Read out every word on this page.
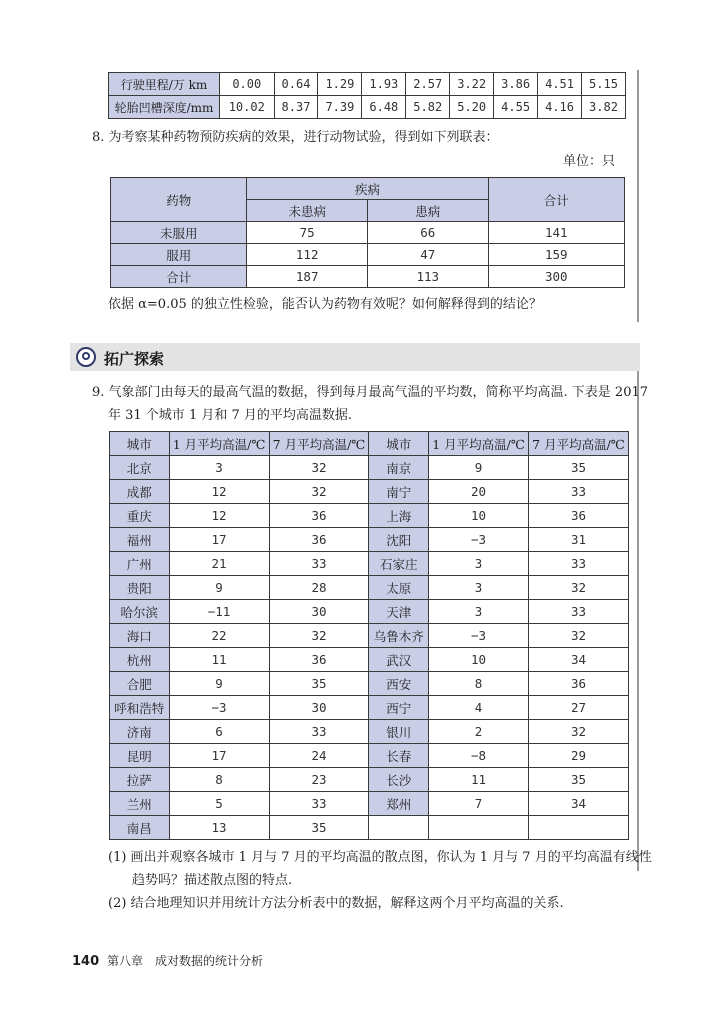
行驶里程/万 km	0.00	0.64	1.29	1.93	2.57	3.22	3.86	4.51	5.15
轮胎凹槽深度/mm	10.02	8.37	7.39	6.48	5.82	5.20	4.55	4.16	3.82
8. 为考察某种药物预防疾病的效果，进行动物试验，得到如下列联表：
单位：只
药物	疾病		合计
	未患病	患病	
未服用	75	66	141
服用	112	47	159
合计	187	113	300
依据 α=0.05 的独立性检验，能否认为药物有效呢？如何解释得到的结论？
拓广探索
9. 气象部门由每天的最高气温的数据，得到每月最高气温的平均数，简称平均高温. 下表是 2017
年 31 个城市 1 月和 7 月的平均高温数据.
城市	1 月平均高温/℃	7 月平均高温/℃	城市	1 月平均高温/℃	7 月平均高温/℃
北京	3	32	南京	9	35
成都	12	32	南宁	20	33
重庆	12	36	上海	10	36
福州	17	36	沈阳	−3	31
广州	21	33	石家庄	3	33
贵阳	9	28	太原	3	32
哈尔滨	−11	30	天津	3	33
海口	22	32	乌鲁木齐	−3	32
杭州	11	36	武汉	10	34
合肥	9	35	西安	8	36
呼和浩特	−3	30	西宁	4	27
济南	6	33	银川	2	32
昆明	17	24	长春	−8	29
拉萨	8	23	长沙	11	35
兰州	5	33	郑州	7	34
南昌	13	35			
(1) 画出并观察各城市 1 月与 7 月的平均高温的散点图，你认为 1 月与 7 月的平均高温有线性
趋势吗？描述散点图的特点.
(2) 结合地理知识并用统计方法分析表中的数据，解释这两个月平均高温的关系.
140 第八章　成对数据的统计分析
